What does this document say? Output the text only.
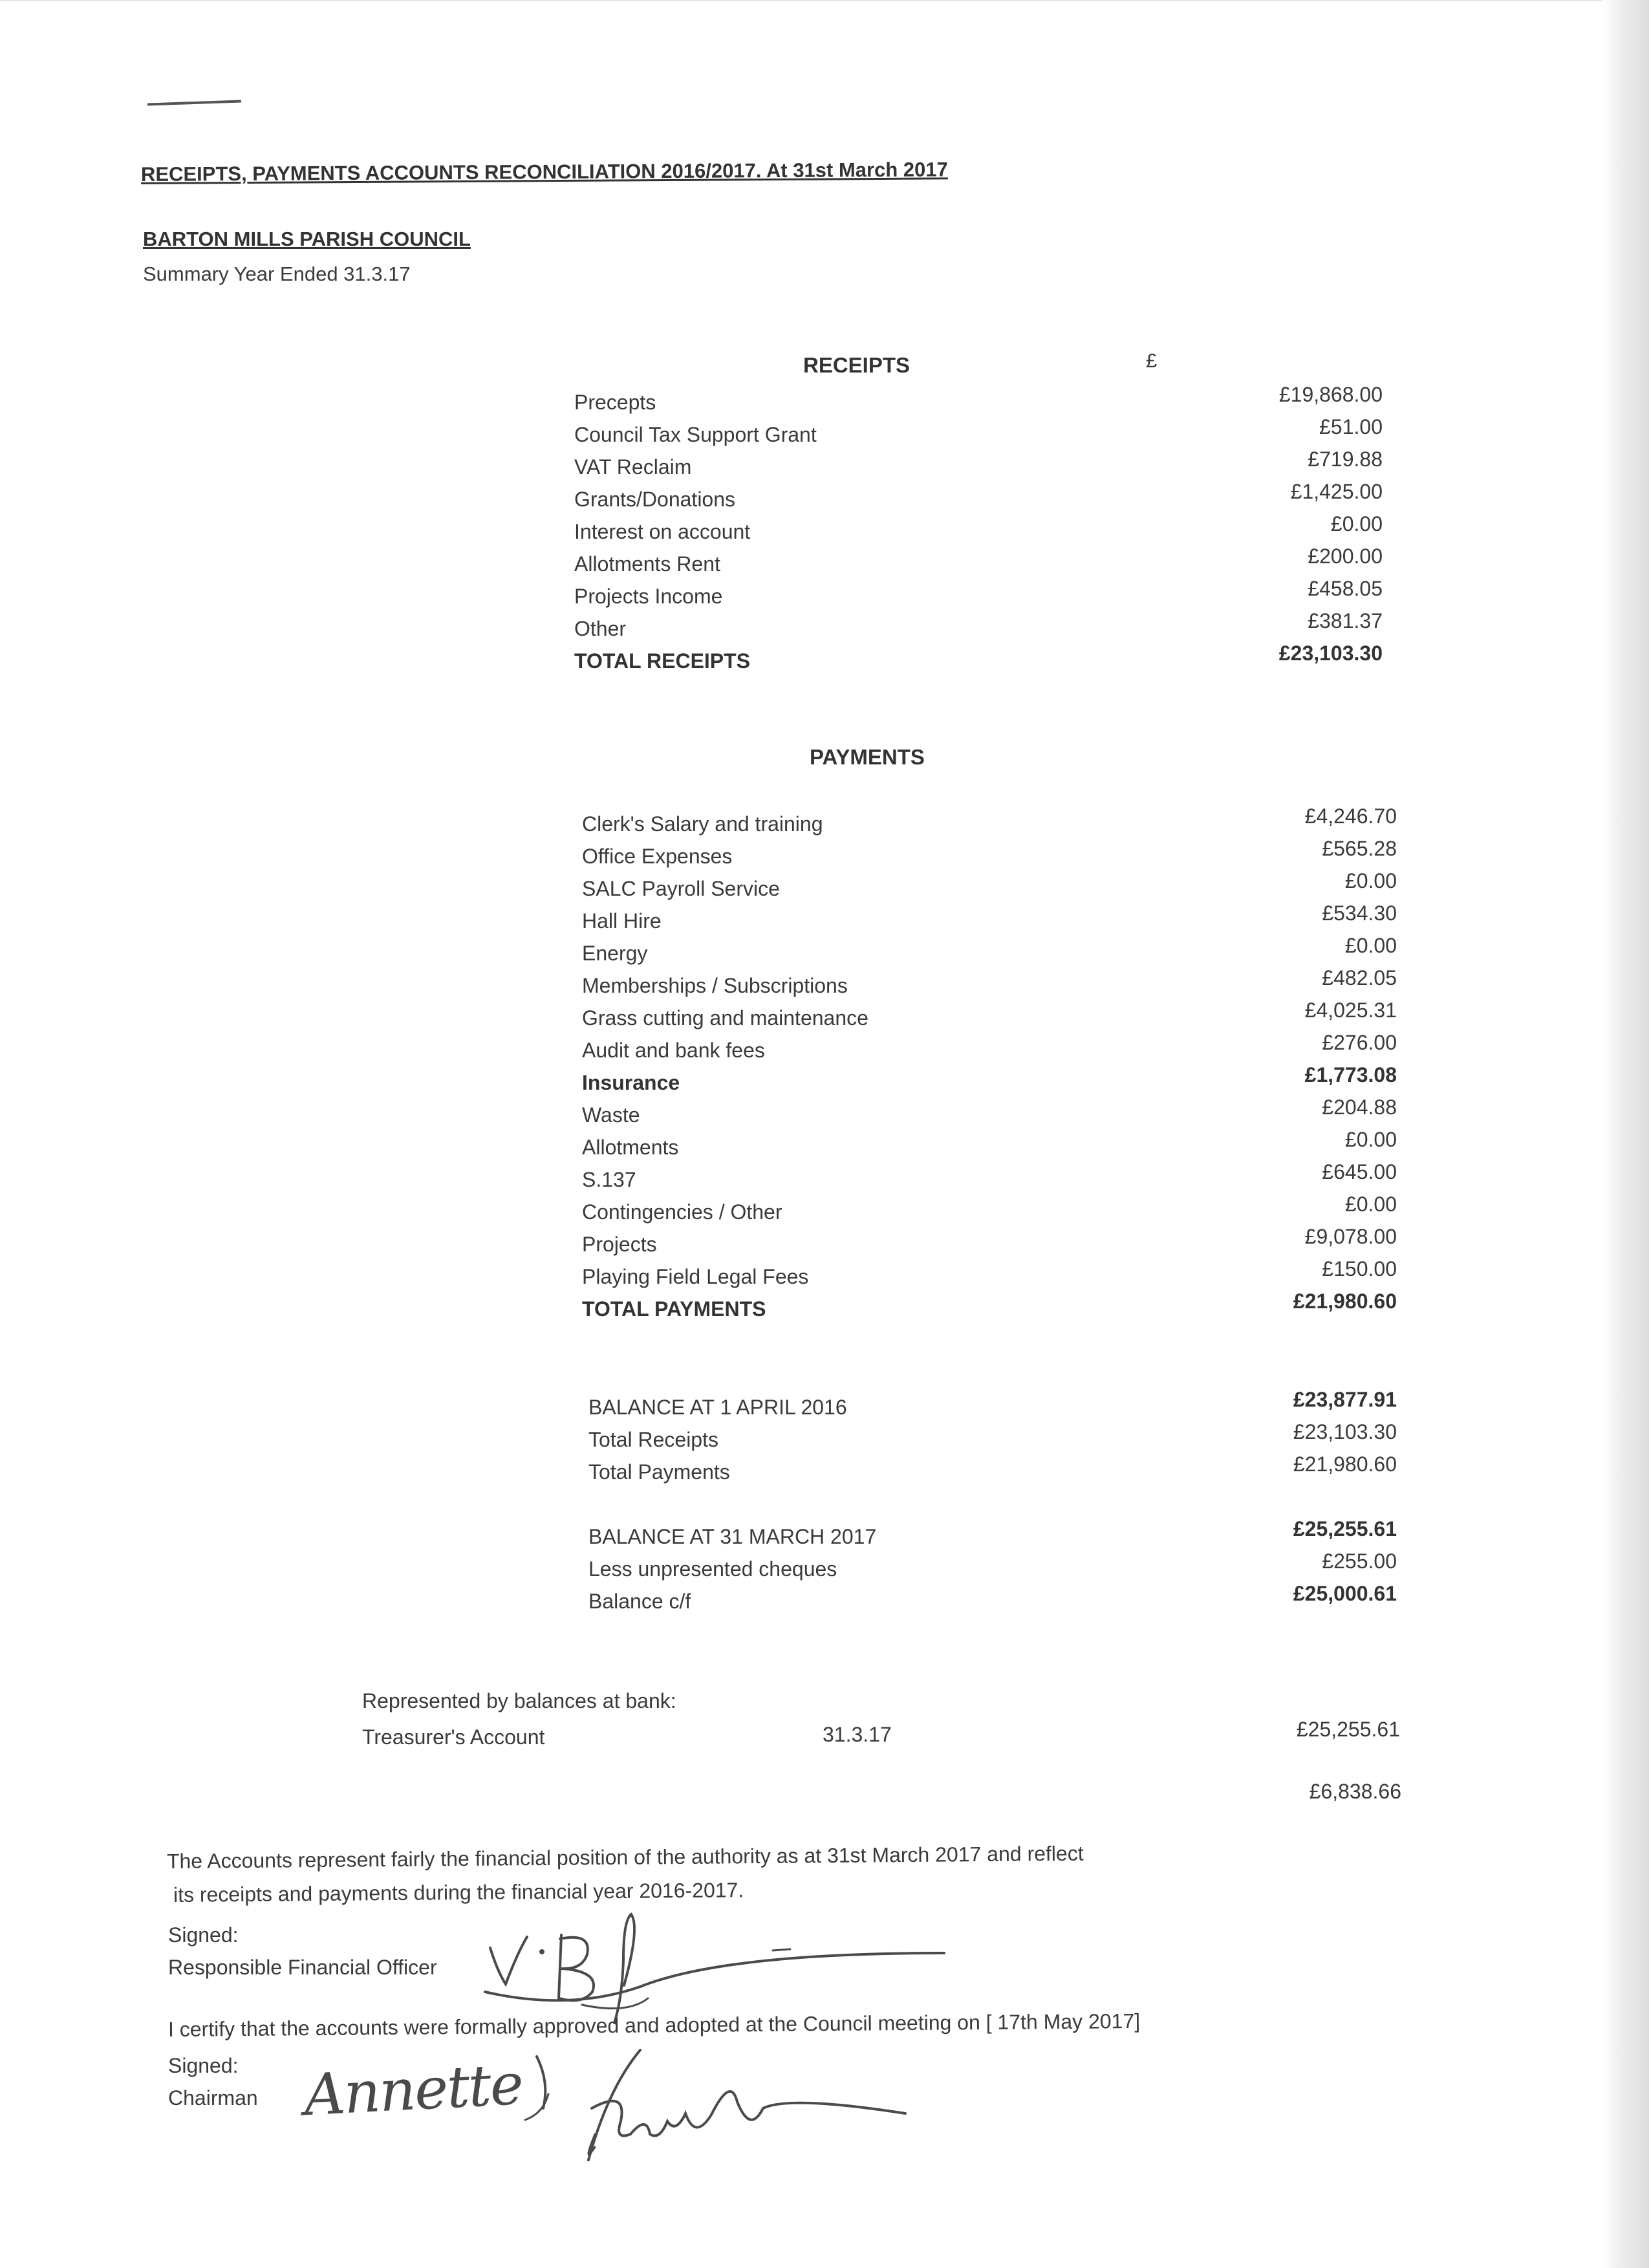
RECEIPTS, PAYMENTS ACCOUNTS RECONCILIATION 2016/2017. At 31st March 2017
BARTON MILLS PARISH COUNCIL
Summary Year Ended 31.3.17
RECEIPTS	£
Precepts	£19,868.00
Council Tax Support Grant	£51.00
VAT Reclaim	£719.88
Grants/Donations	£1,425.00
Interest on account	£0.00
Allotments Rent	£200.00
Projects Income	£458.05
Other	£381.37
TOTAL RECEIPTS	£23,103.30
PAYMENTS
Clerk's Salary and training	£4,246.70
Office Expenses	£565.28
SALC Payroll Service	£0.00
Hall Hire	£534.30
Energy	£0.00
Memberships / Subscriptions	£482.05
Grass cutting and maintenance	£4,025.31
Audit and bank fees	£276.00
Insurance	£1,773.08
Waste	£204.88
Allotments	£0.00
S.137	£645.00
Contingencies / Other	£0.00
Projects	£9,078.00
Playing Field Legal Fees	£150.00
TOTAL PAYMENTS	£21,980.60
BALANCE AT 1 APRIL 2016	£23,877.91
Total Receipts	£23,103.30
Total Payments	£21,980.60
BALANCE AT 31 MARCH 2017	£25,255.61
Less unpresented cheques	£255.00
Balance c/f	£25,000.61
Represented by balances at bank:
Treasurer's Account	31.3.17	£25,255.61
£6,838.66
The Accounts represent fairly the financial position of the authority as at 31st March 2017 and reflect
its receipts and payments during the financial year 2016-2017.
Signed:
Responsible Financial Officer
I certify that the accounts were formally approved and adopted at the Council meeting on [ 17th May 2017]
Signed:
Chairman Annette
